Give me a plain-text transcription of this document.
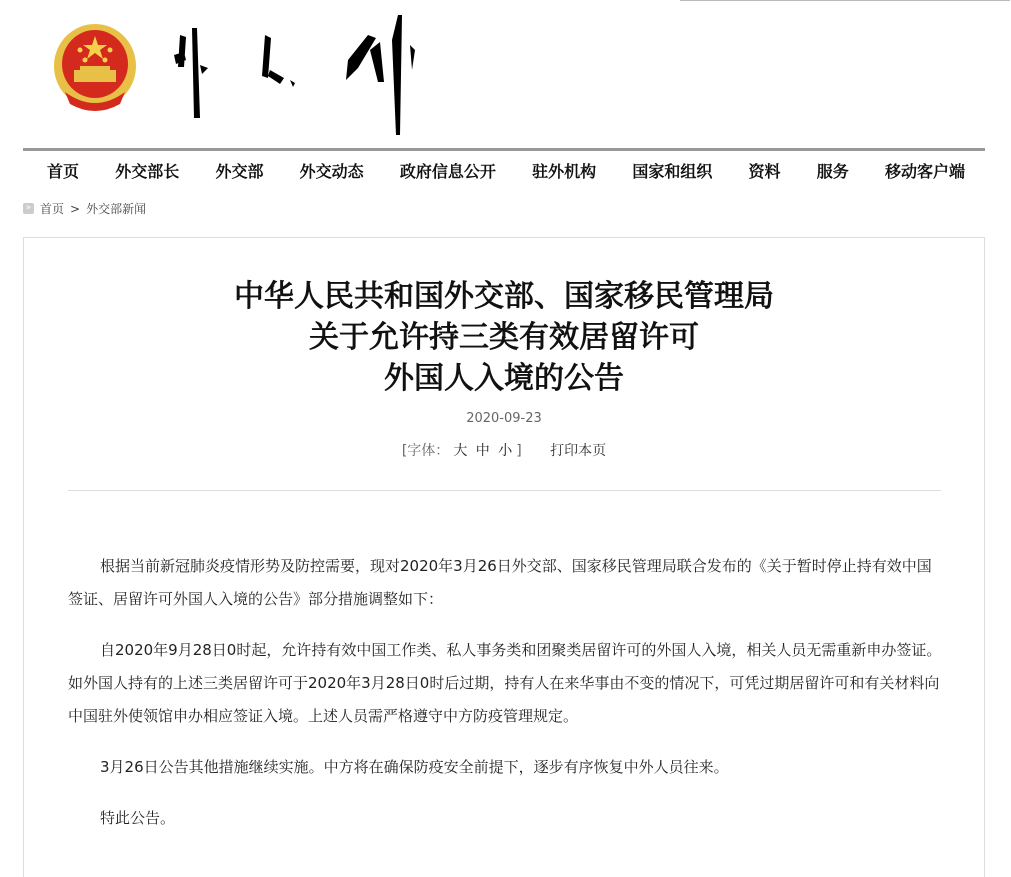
首页 外交部长 外交部 外交动态 政府信息公开 驻外机构 国家和组织 资料 服务 移动客户端
» 首页 > 外交部新闻
中华人民共和国外交部、国家移民管理局
关于允许持三类有效居留许可
外国人入境的公告
2020-09-23
[字体： 大 中 小 ] 打印本页

根据当前新冠肺炎疫情形势及防控需要，现对2020年3月26日外交部、国家移民管理局联合发布的《关于暂时停止持有效中国签证、居留许可外国人入境的公告》部分措施调整如下：

自2020年9月28日0时起，允许持有效中国工作类、私人事务类和团聚类居留许可的外国人入境，相关人员无需重新申办签证。如外国人持有的上述三类居留许可于2020年3月28日0时后过期，持有人在来华事由不变的情况下，可凭过期居留许可和有关材料向中国驻外使领馆申办相应签证入境。上述人员需严格遵守中方防疫管理规定。

3月26日公告其他措施继续实施。中方将在确保防疫安全前提下，逐步有序恢复中外人员往来。

特此公告。
